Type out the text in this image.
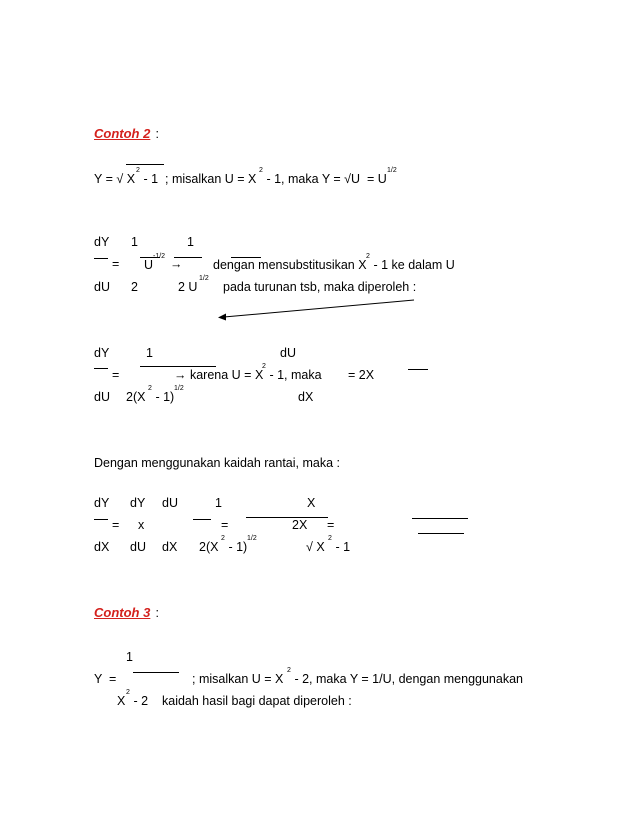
Contoh 2 :
Y = √ X
2
- 1  ; misalkan U = X
2
- 1, maka Y = √U  = U
1/2
dY 1	1
= U
-1/2
→ dengan mensubstitusikan X
2
- 1 ke dalam U
dU 2	2 U
1/2
pada turunan tsb, maka diperoleh :
dY	1	dU
=	→ karena U = X
2
- 1, maka = 2X
dU 2(X
2
- 1)
1/2
dX
Dengan menggunakan kaidah rantai, maka :
dY dY dU	1	X
= x	=	2X =
dX dU dX 2(X
2
- 1)
1/2
√ X
2
- 1
Contoh 3 :
1
Y  =	; misalkan U = X
2
- 2, maka Y = 1/U, dengan menggunakan
X
2
- 2 kaidah hasil bagi dapat diperoleh :
